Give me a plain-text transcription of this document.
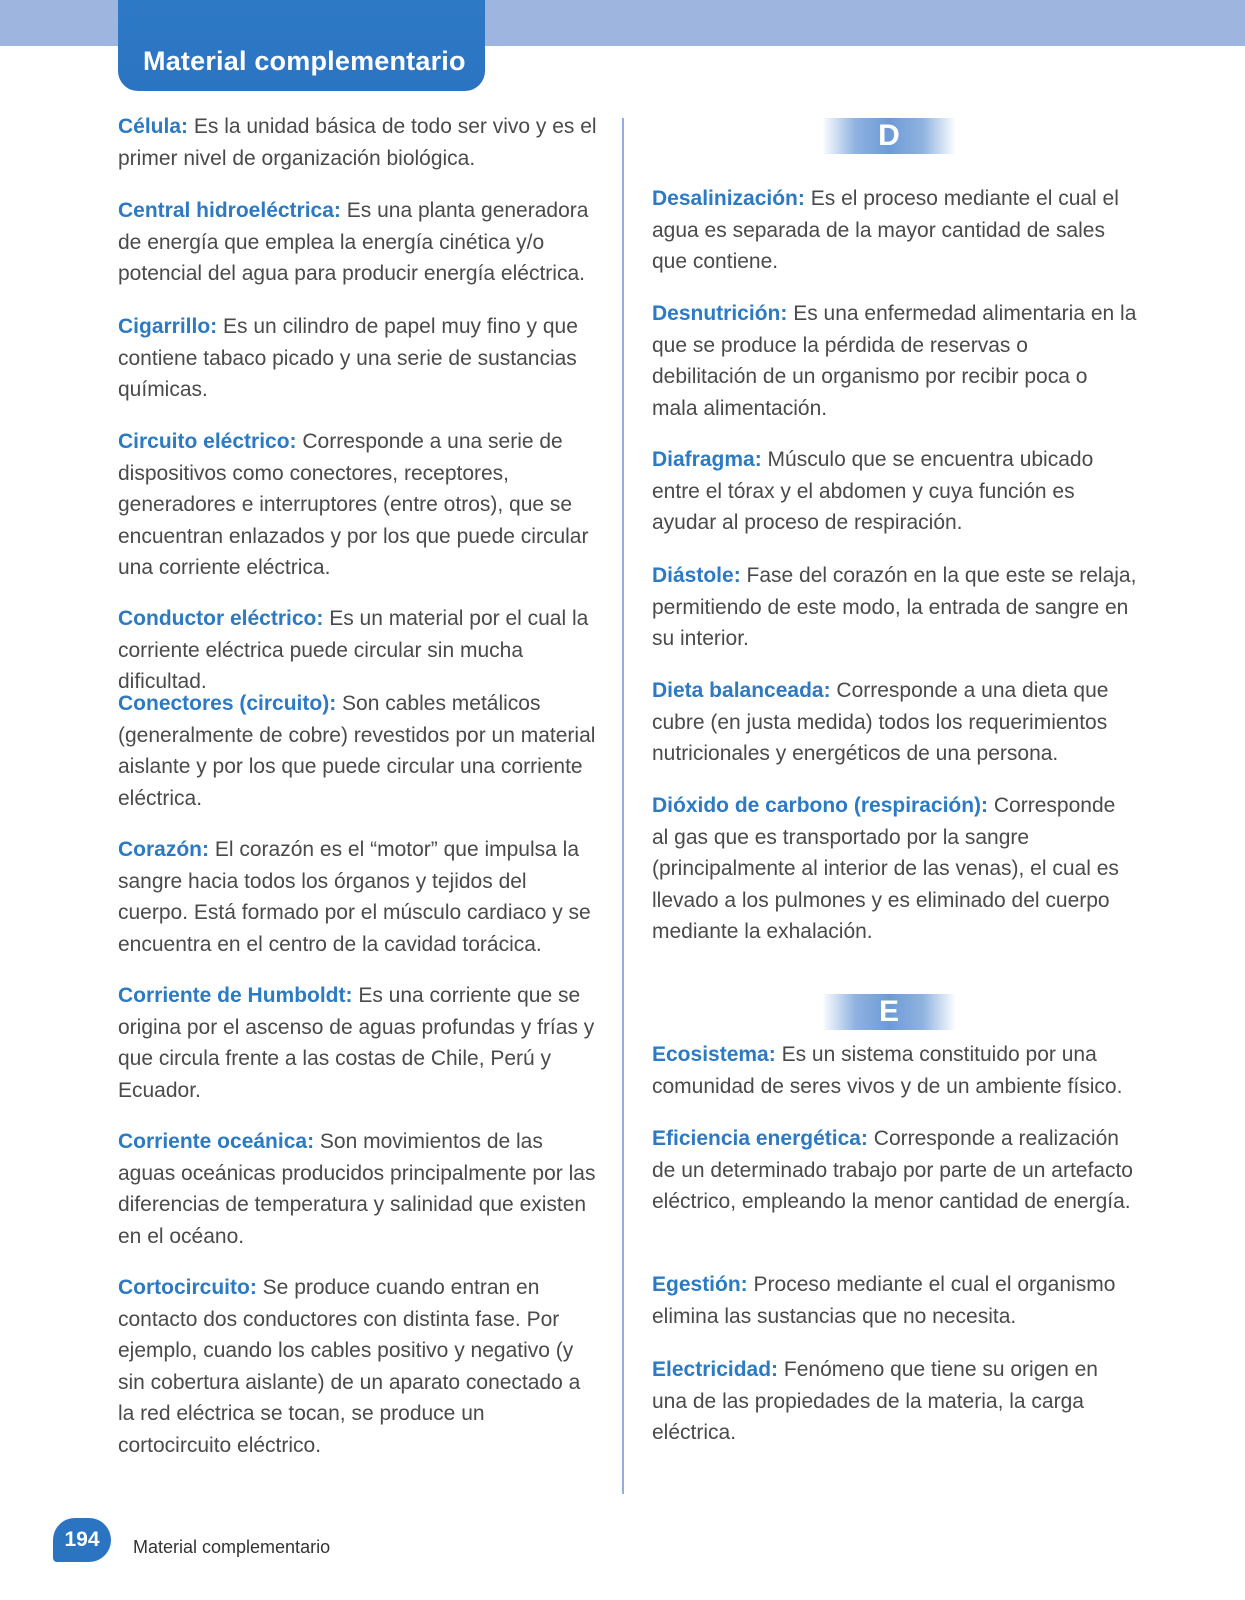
Material complementario

Célula: Es la unidad básica de todo ser vivo y es el primer nivel de organización biológica.

Central hidroeléctrica: Es una planta generadora de energía que emplea la energía cinética y/o potencial del agua para producir energía eléctrica.

Cigarrillo: Es un cilindro de papel muy fino y que contiene tabaco picado y una serie de sustancias químicas.

Circuito eléctrico: Corresponde a una serie de dispositivos como conectores, receptores, generadores e interruptores (entre otros), que se encuentran enlazados y por los que puede circular una corriente eléctrica.

Conductor eléctrico: Es un material por el cual la corriente eléctrica puede circular sin mucha dificultad.

Conectores (circuito): Son cables metálicos (generalmente de cobre) revestidos por un material aislante y por los que puede circular una corriente eléctrica.

Corazón: El corazón es el “motor” que impulsa la sangre hacia todos los órganos y tejidos del cuerpo. Está formado por el músculo cardiaco y se encuentra en el centro de la cavidad torácica.

Corriente de Humboldt: Es una corriente que se origina por el ascenso de aguas profundas y frías y que circula frente a las costas de Chile, Perú y Ecuador.

Corriente oceánica: Son movimientos de las aguas oceánicas producidos principalmente por las diferencias de temperatura y salinidad que existen en el océano.

Cortocircuito: Se produce cuando entran en contacto dos conductores con distinta fase. Por ejemplo, cuando los cables positivo y negativo (y sin cobertura aislante) de un aparato conectado a la red eléctrica se tocan, se produce un cortocircuito eléctrico.

D

Desalinización: Es el proceso mediante el cual el agua es separada de la mayor cantidad de sales que contiene.

Desnutrición: Es una enfermedad alimentaria en la que se produce la pérdida de reservas o debilitación de un organismo por recibir poca o mala alimentación.

Diafragma: Músculo que se encuentra ubicado entre el tórax y el abdomen y cuya función es ayudar al proceso de respiración.

Diástole: Fase del corazón en la que este se relaja, permitiendo de este modo, la entrada de sangre en su interior.

Dieta balanceada: Corresponde a una dieta que cubre (en justa medida) todos los requerimientos nutricionales y energéticos de una persona.

Dióxido de carbono (respiración): Corresponde al gas que es transportado por la sangre (principalmente al interior de las venas), el cual es llevado a los pulmones y es eliminado del cuerpo mediante la exhalación.

E

Ecosistema: Es un sistema constituido por una comunidad de seres vivos y de un ambiente físico.

Eficiencia energética: Corresponde a realización de un determinado trabajo por parte de un artefacto eléctrico, empleando la menor cantidad de energía.

Egestión: Proceso mediante el cual el organismo elimina las sustancias que no necesita.

Electricidad: Fenómeno que tiene su origen en una de las propiedades de la materia, la carga eléctrica.

194	Material complementario
